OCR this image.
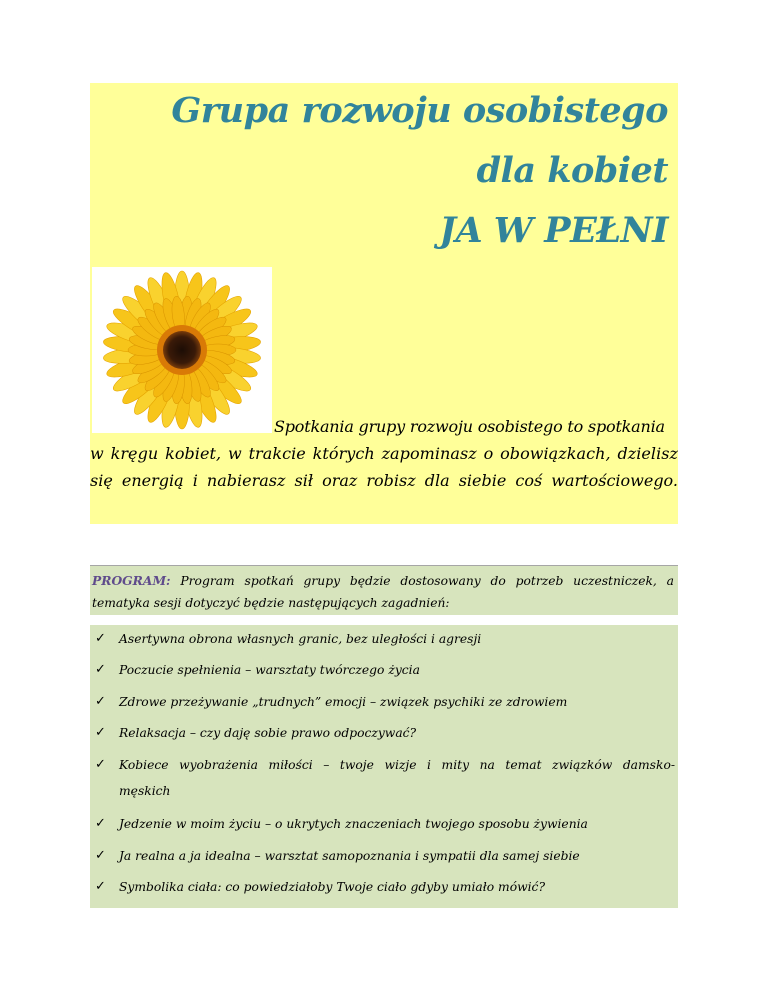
Grupa rozwoju osobistego
dla kobiet
JA W PEŁNI

Spotkania grupy rozwoju osobistego to spotkania
w kręgu kobiet, w trakcie których zapominasz o obowiązkach, dzielisz
się energią i nabierasz sił oraz robisz dla siebie coś wartościowego.

PROGRAM: Program spotkań grupy będzie dostosowany do potrzeb uczestniczek, a
tematyka sesji dotyczyć będzie następujących zagadnień:

✓ Asertywna obrona własnych granic, bez uległości i agresji
✓ Poczucie spełnienia – warsztaty twórczego życia
✓ Zdrowe przeżywanie „trudnych” emocji – związek psychiki ze zdrowiem
✓ Relaksacja – czy daję sobie prawo odpoczywać?
✓ Kobiece wyobrażenia miłości – twoje wizje i mity na temat związków damsko-
męskich
✓ Jedzenie w moim życiu – o ukrytych znaczeniach twojego sposobu żywienia
✓ Ja realna a ja idealna – warsztat samopoznania i sympatii dla samej siebie
✓ Symbolika ciała: co powiedziałoby Twoje ciało gdyby umiało mówić?
